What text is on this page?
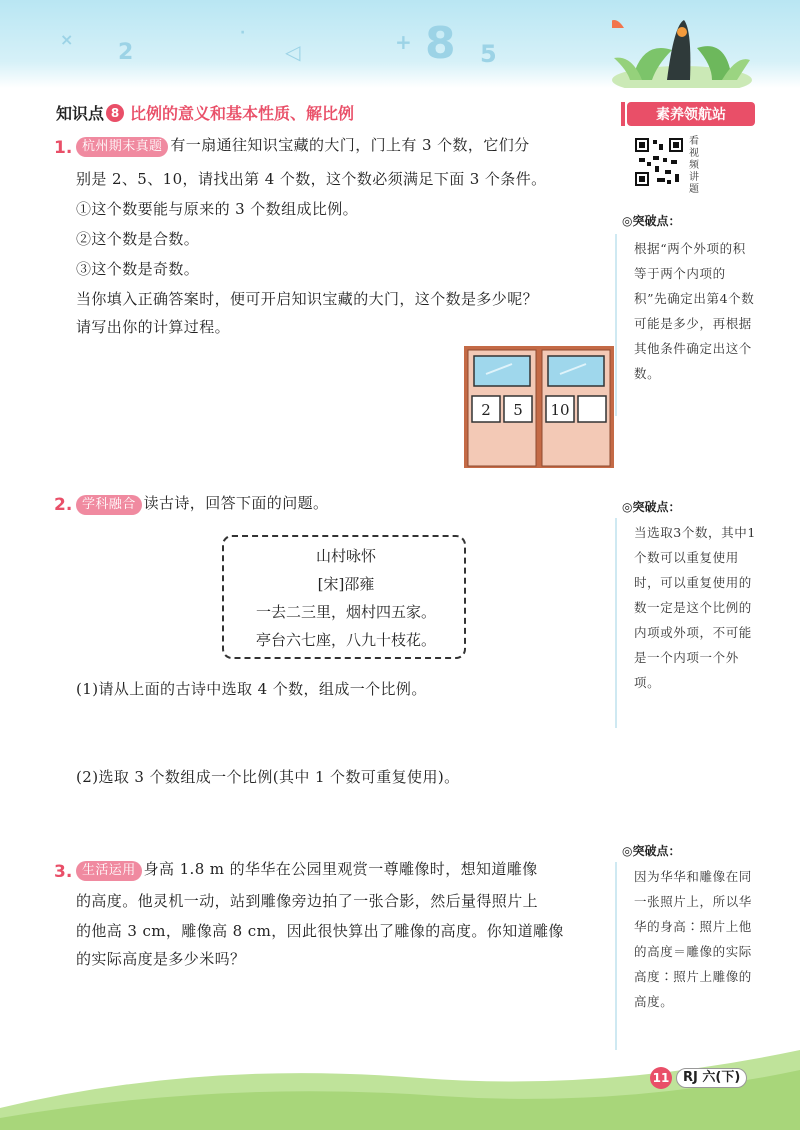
2	8 5
+
◁
×	·
知识点 8 比例的意义和基本性质、解比例	素养领航站
看视频讲题
◎突破点：
根据“两个外项的积等于两个内项的积”先确定出第4个数可能是多少，再根据其他条件确定出这个数。
◎突破点：
当选取3个数，其中1个数可以重复使用时，可以重复使用的数一定是这个比例的内项或外项，不可能是一个内项一个外项。
◎突破点：
因为华华和雕像在同一张照片上，所以华华的身高∶照片上他的高度＝雕像的实际高度∶照片上雕像的高度。
1. 杭州期末真题 有一扇通往知识宝藏的大门，门上有 3 个数，它们分
别是 2、5、10，请找出第 4 个数，这个数必须满足下面 3 个条件。
①这个数要能与原来的 3 个数组成比例。
②这个数是合数。
③这个数是奇数。
当你填入正确答案时，便可开启知识宝藏的大门，这个数是多少呢？
请写出你的计算过程。
2 5 10
2. 学科融合 读古诗，回答下面的问题。
山村咏怀
[宋]邵雍
一去二三里，烟村四五家。
亭台六七座，八九十枝花。
(1)请从上面的古诗中选取 4 个数，组成一个比例。
(2)选取 3 个数组成一个比例(其中 1 个数可重复使用)。
3. 生活运用 身高 1.8 m 的华华在公园里观赏一尊雕像时，想知道雕像
的高度。他灵机一动，站到雕像旁边拍了一张合影，然后量得照片上
的他高 3 cm，雕像高 8 cm，因此很快算出了雕像的高度。你知道雕像
的实际高度是多少米吗？
11	RJ 六(下)
